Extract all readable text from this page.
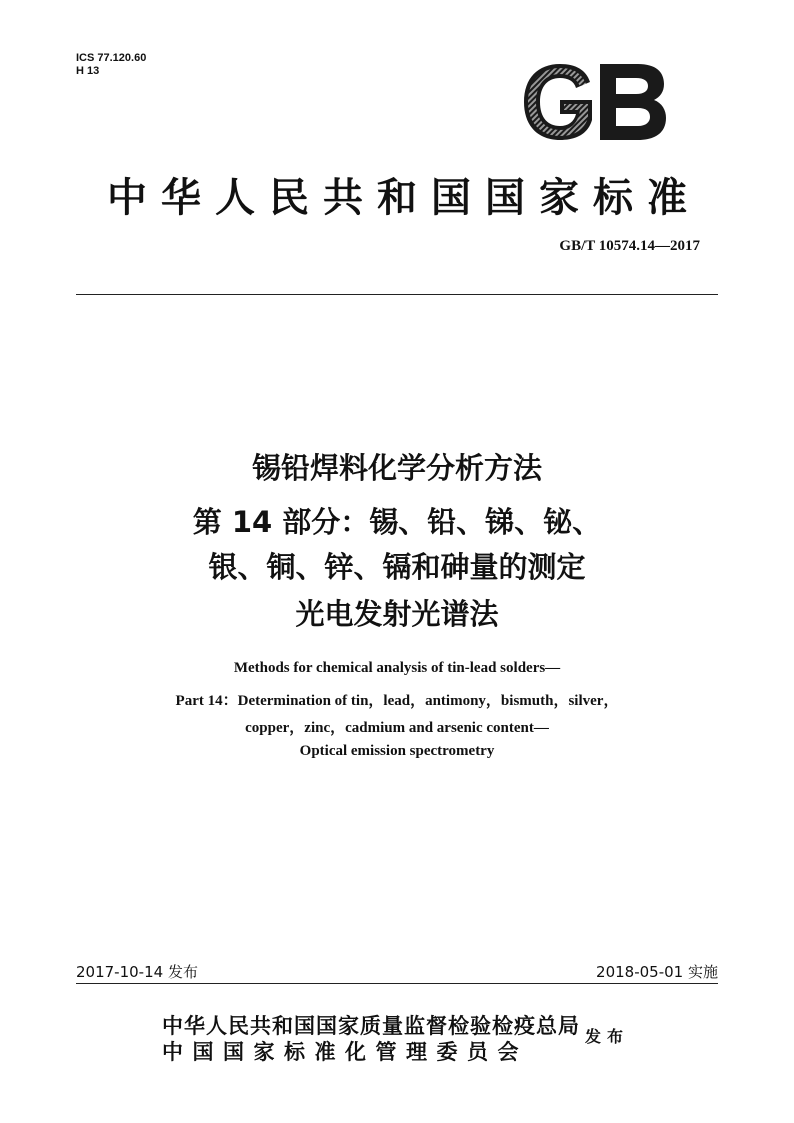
ICS 77.120.60
H 13
中华人民共和国国家标准
GB/T 10574.14—2017
锡铅焊料化学分析方法
第 14 部分：锡、铅、锑、铋、
银、铜、锌、镉和砷量的测定
光电发射光谱法
Methods for chemical analysis of tin-lead solders—
Part 14：Determination of tin，lead，antimony，bismuth，silver，
copper，zinc，cadmium and arsenic content—
Optical emission spectrometry
2017-10-14 发布	2018-05-01 实施
中华人民共和国国家质量监督检验检疫总局
中国国家标准化管理委员会
发布
